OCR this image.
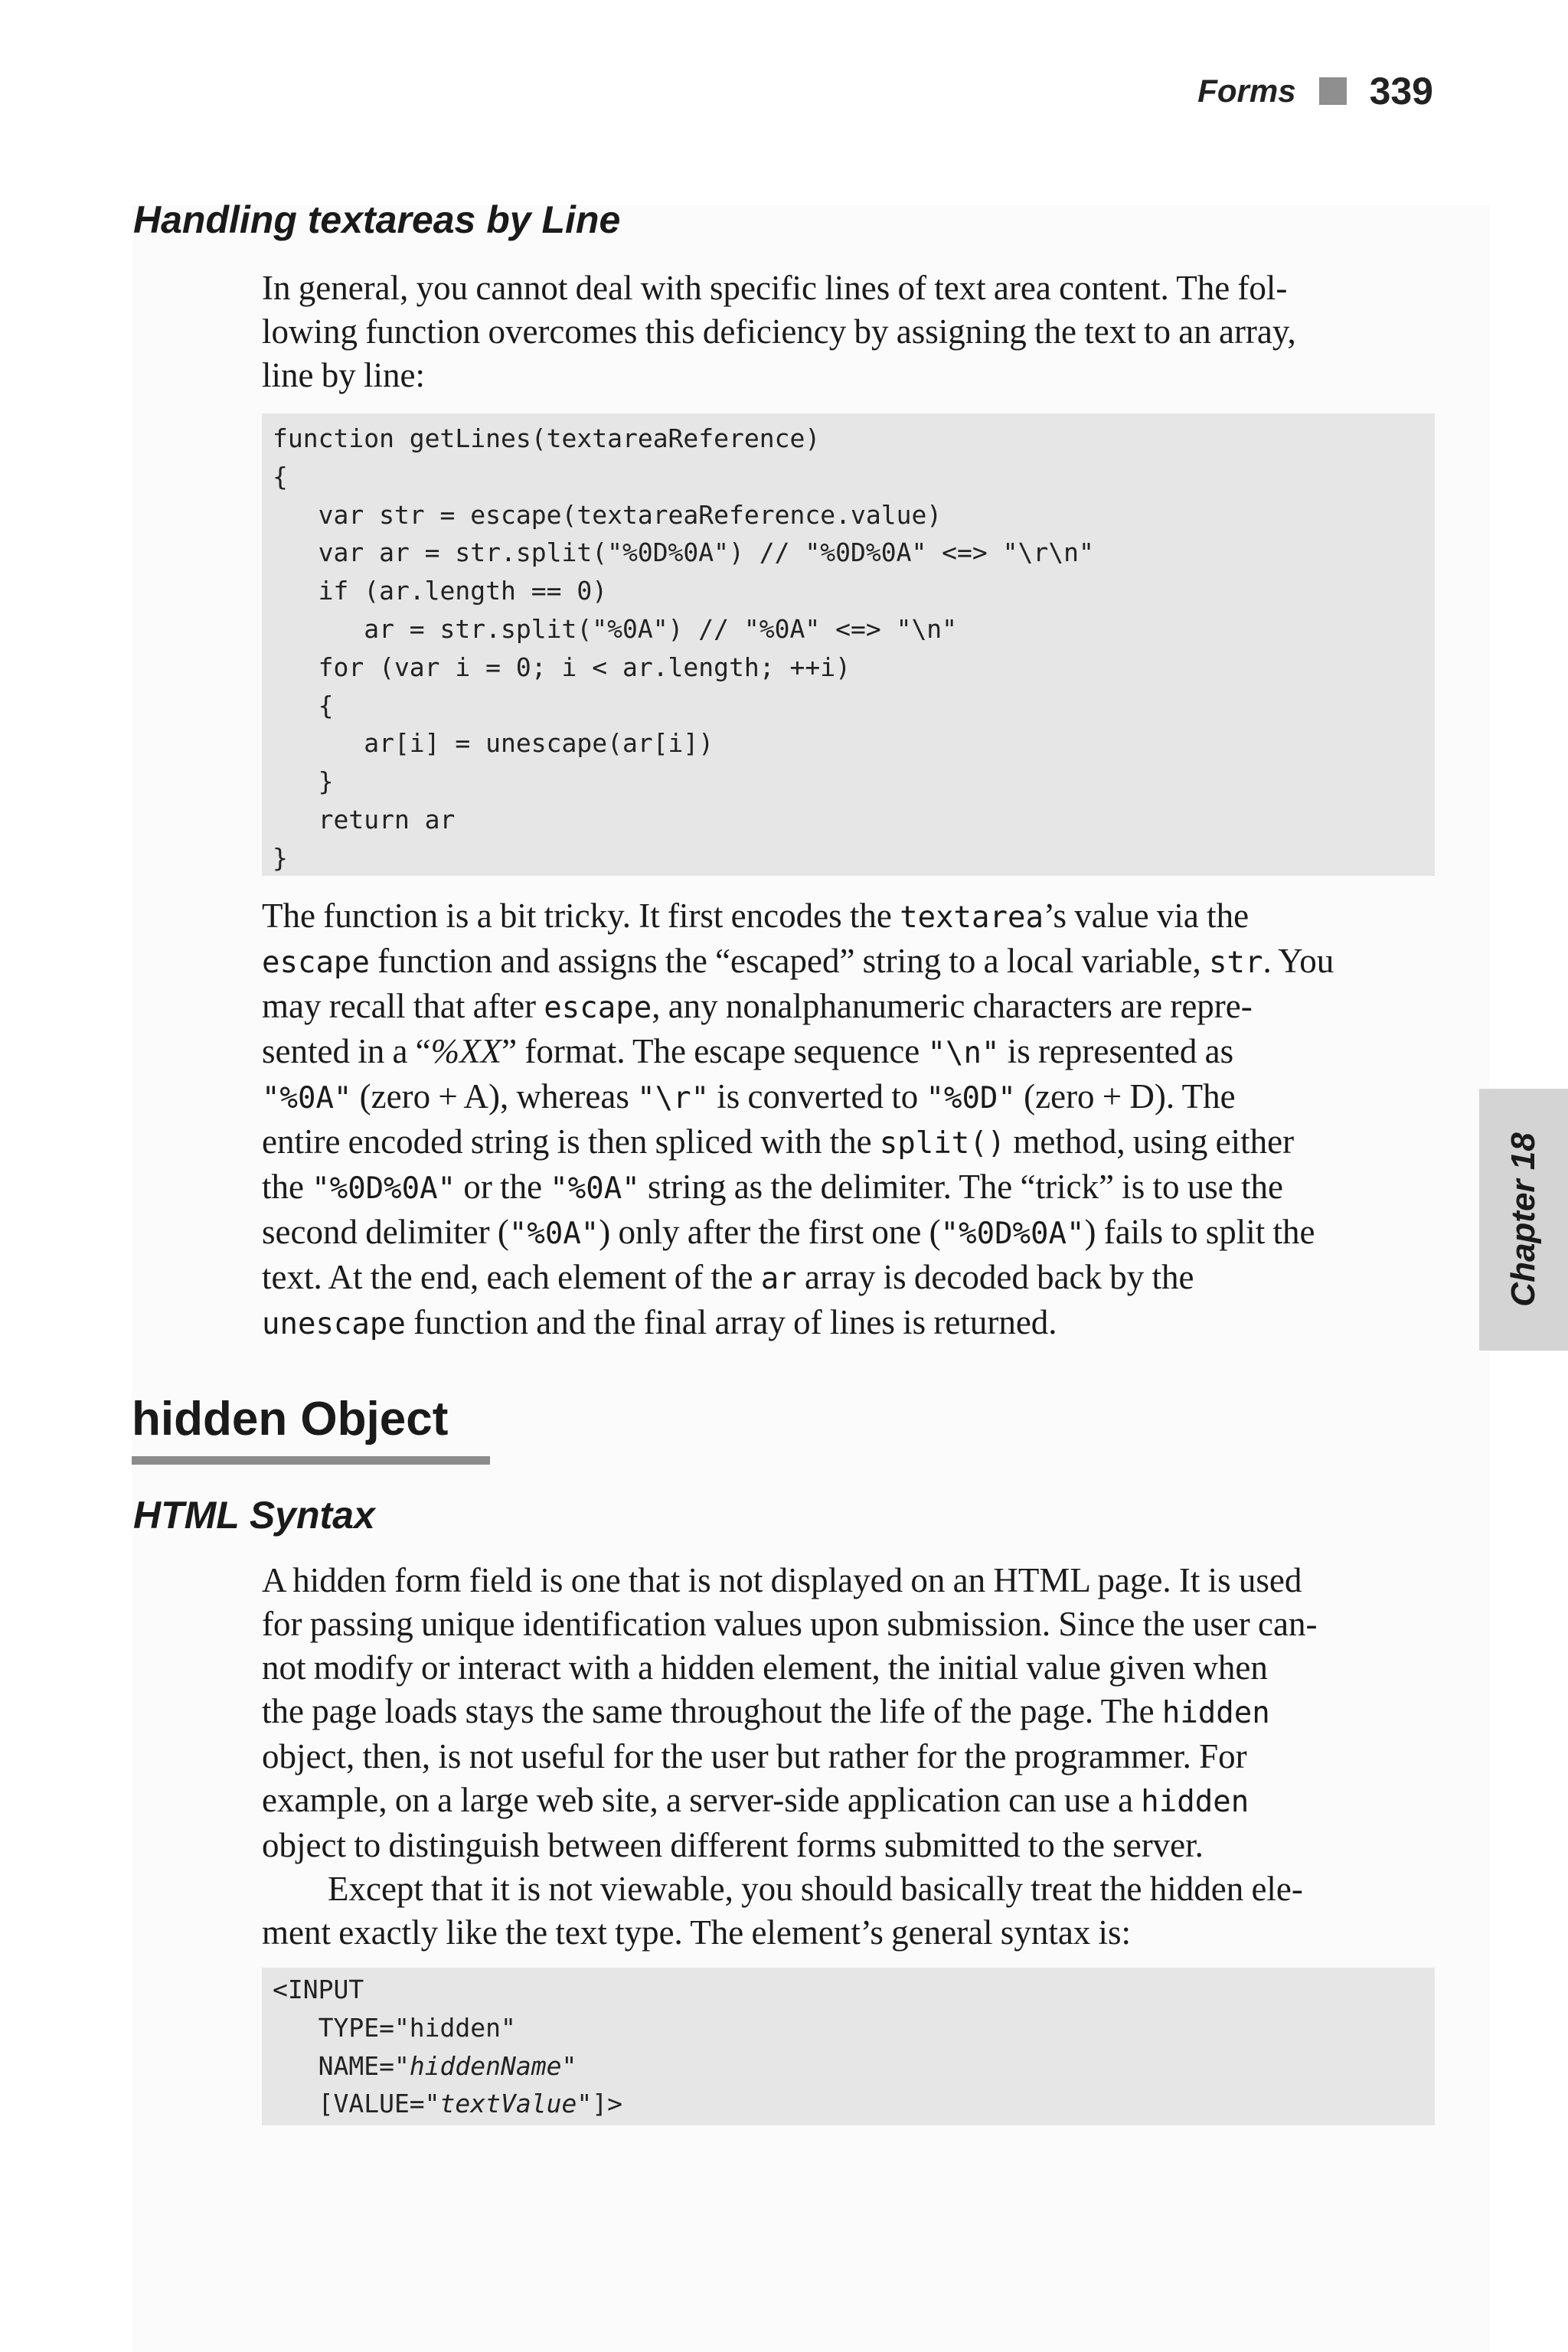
Forms 339
Handling textareas by Line

In general, you cannot deal with specific lines of text area content. The fol-
lowing function overcomes this deficiency by assigning the text to an array,
line by line:

function getLines(textareaReference)
{
var str = escape(textareaReference.value)
var ar = str.split("%0D%0A") // "%0D%0A" <=> "\r\n"
if (ar.length == 0)
ar = str.split("%0A") // "%0A" <=> "\n"
for (var i = 0; i < ar.length; ++i)
{
ar[i] = unescape(ar[i])
}
return ar
}

The function is a bit tricky. It first encodes the textarea’s value via the
escape function and assigns the “escaped” string to a local variable, str. You
may recall that after escape, any nonalphanumeric characters are repre-
sented in a “%XX” format. The escape sequence "\n" is represented as
"%0A" (zero + A), whereas "\r" is converted to "%0D" (zero + D). The
entire encoded string is then spliced with the split() method, using either
the "%0D%0A" or the "%0A" string as the delimiter. The “trick” is to use the
second delimiter ("%0A") only after the first one ("%0D%0A") fails to split the
text. At the end, each element of the ar array is decoded back by the
unescape function and the final array of lines is returned.

Chapter 18
hidden Object
HTML Syntax

A hidden form field is one that is not displayed on an HTML page. It is used
for passing unique identification values upon submission. Since the user can-
not modify or interact with a hidden element, the initial value given when
the page loads stays the same throughout the life of the page. The hidden
object, then, is not useful for the user but rather for the programmer. For
example, on a large web site, a server-side application can use a hidden
object to distinguish between different forms submitted to the server.
Except that it is not viewable, you should basically treat the hidden ele-
ment exactly like the text type. The element’s general syntax is:

<INPUT
TYPE="hidden"
NAME="hiddenName"
[VALUE="textValue"]>
